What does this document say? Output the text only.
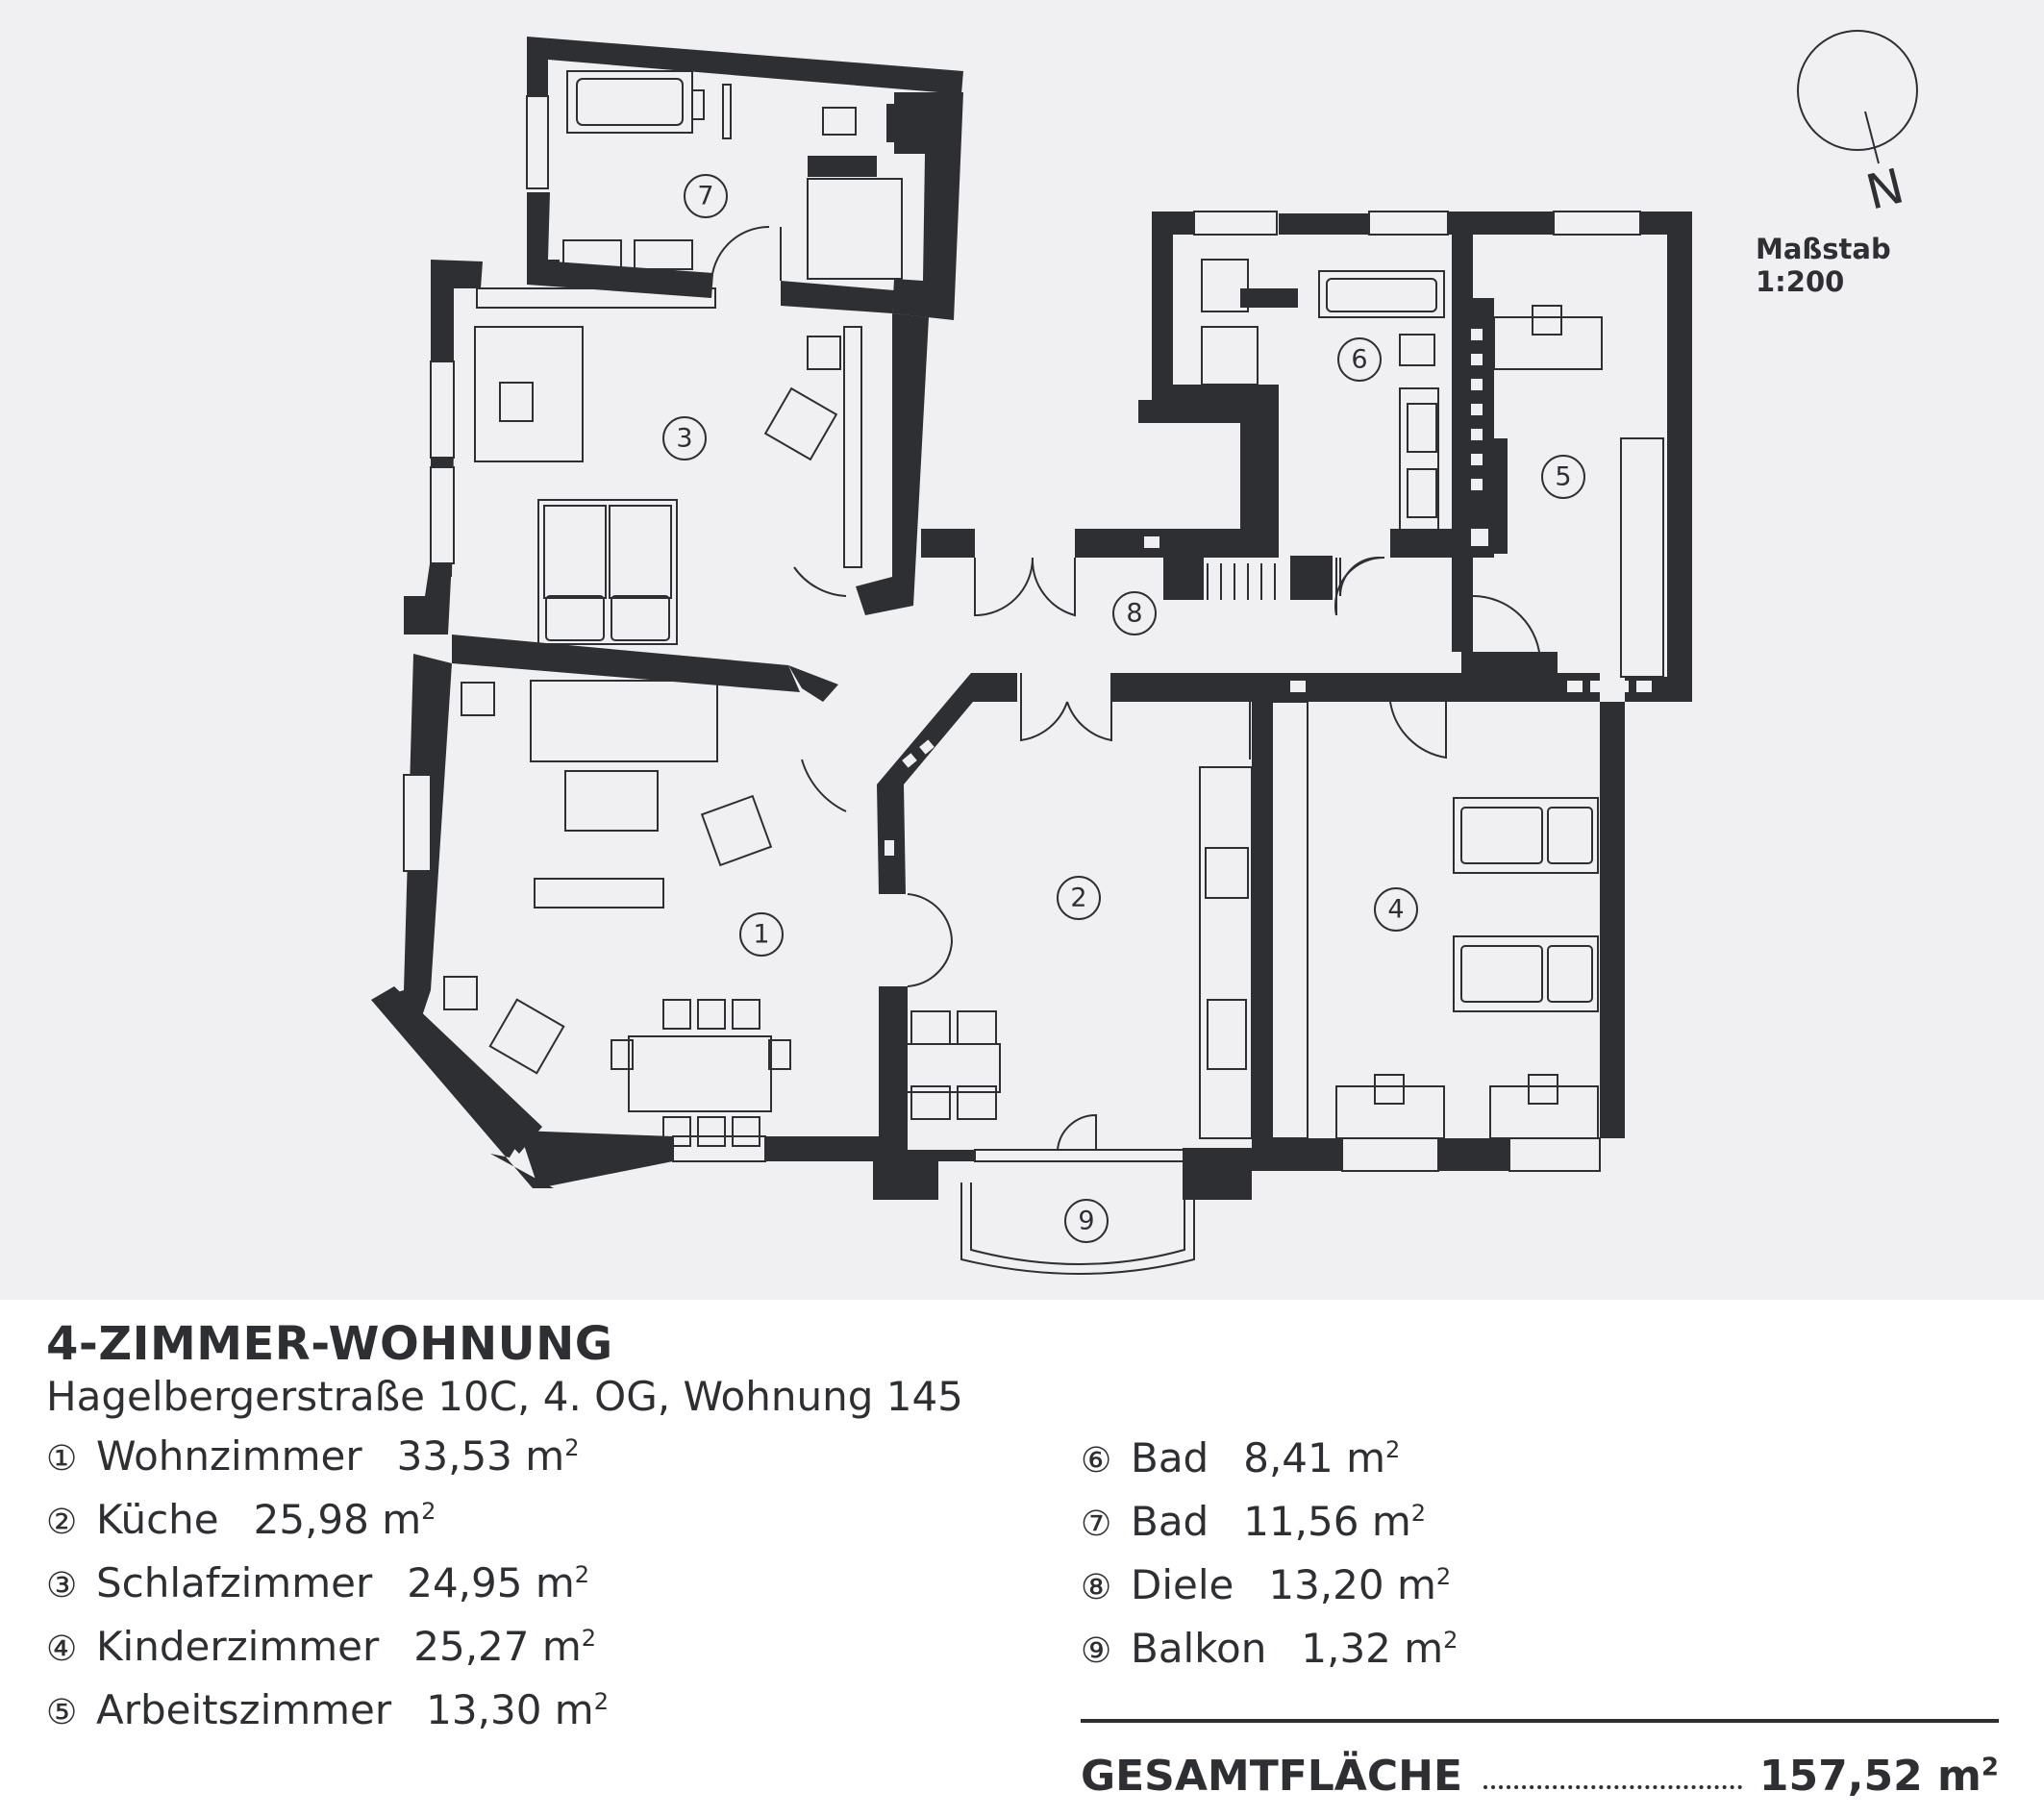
1
2
3
4
5
6
7
8
9
N
Maßstab 1:200
4-ZIMMER-WOHNUNG
Hagelbergerstraße 10C, 4. OG, Wohnung 145
① Wohnzimmer 33,53 $m^2$
② Küche 25,98 $m^2$
③ Schlafzimmer 24,95 $m^2$
④ Kinderzimmer 25,27 $m^2$
⑤ Arbeitszimmer 13,30 $m^2$
⑥ Bad 8,41 $m^2$
⑦ Bad 11,56 $m^2$
⑧ Diele 13,20 $m^2$
⑨ Balkon 1,32 $m^2$
GESAMTFLÄCHE	157,52 $m^2$
